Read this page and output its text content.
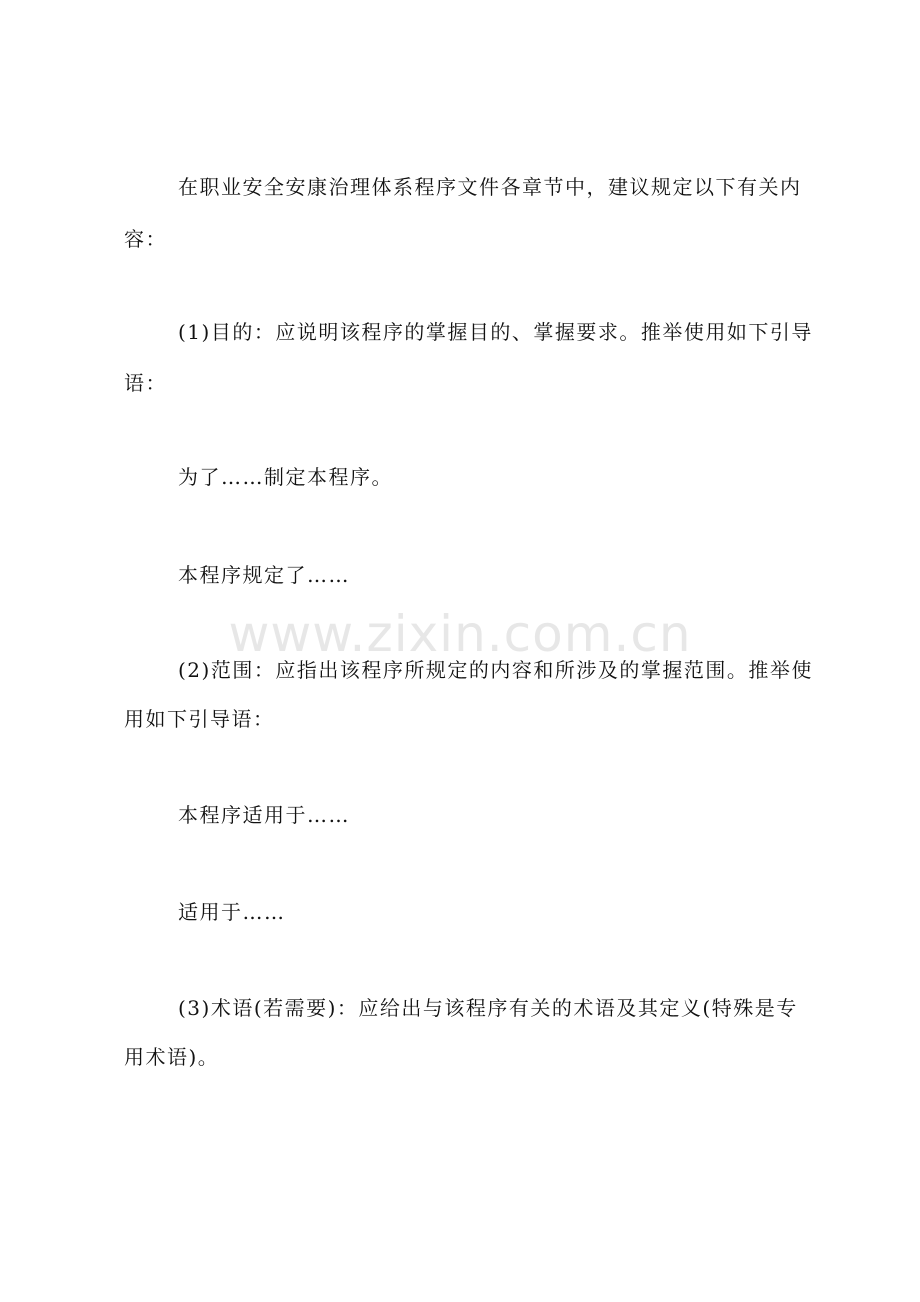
在职业安全安康治理体系程序文件各章节中，建议规定以下有关内
容：
(1)目的：应说明该程序的掌握目的、掌握要求。推举使用如下引导
语：
为了……制定本程序。
本程序规定了……
(2)范围：应指出该程序所规定的内容和所涉及的掌握范围。推举使
用如下引导语：
本程序适用于……
适用于……
(3)术语(若需要)：应给出与该程序有关的术语及其定义(特殊是专
用术语)。
www.zixin.com.cn
